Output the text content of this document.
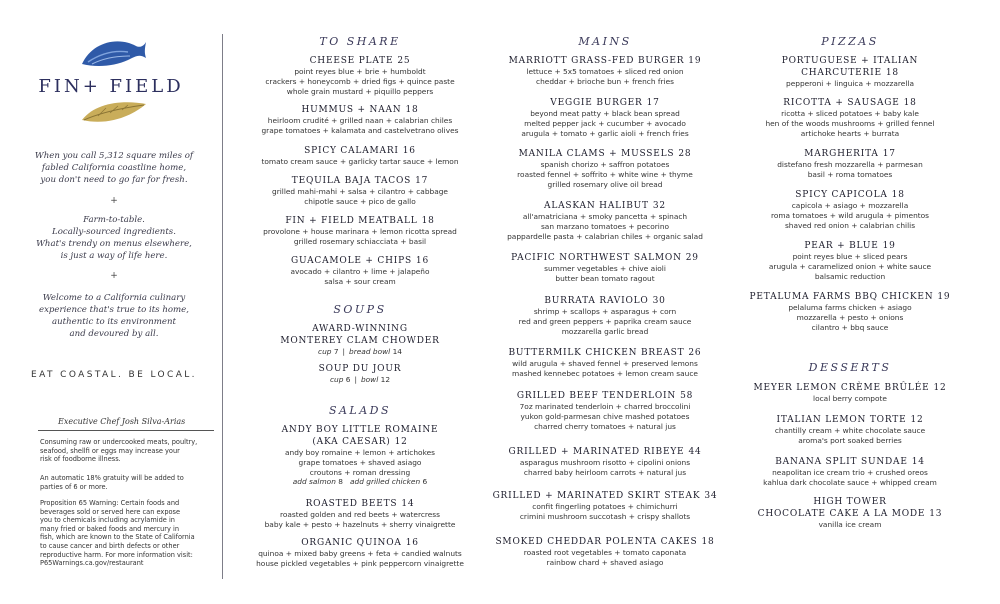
FIN+ FIELD
When you call 5,312 square miles of
fabled California coastline home,
you don't need to go far for fresh.
+
Farm-to-table.
Locally-sourced ingredients.
What's trendy on menus elsewhere,
is just a way of life here.
+
Welcome to a California culinary
experience that's true to its home,
authentic to its environment
and devoured by all.
EAT COASTAL. BE LOCAL.
Executive Chef Josh Silva-Arias
Consuming raw or undercooked meats, poultry,
seafood, shellfi or eggs may increase your
risk of foodborne illness.
An automatic 18% gratuity will be added to
parties of 6 or more.
Proposition 65 Warning: Certain foods and
beverages sold or served here can expose
you to chemicals including acrylamide in
many fried or baked foods and mercury in
fish, which are known to the State of California
to cause cancer and birth defects or other
reproductive harm. For more information visit:
P65Warnings.ca.gov/restaurant
TO SHARE
CHEESE PLATE 25
point reyes blue + brie + humboldt
crackers + honeycomb + dried figs + quince paste
whole grain mustard + piquillo peppers
HUMMUS + NAAN 18
heirloom crudité + grilled naan + calabrian chiles
grape tomatoes + kalamata and castelvetrano olives
SPICY CALAMARI 16
tomato cream sauce + garlicky tartar sauce + lemon
TEQUILA BAJA TACOS 17
grilled mahi-mahi + salsa + cilantro + cabbage
chipotle sauce + pico de gallo
FIN + FIELD MEATBALL 18
provolone + house marinara + lemon ricotta spread
grilled rosemary schiacciata + basil
GUACAMOLE + CHIPS 16
avocado + cilantro + lime + jalapeño
salsa + sour cream
SOUPS
AWARD-WINNING
MONTEREY CLAM CHOWDER
cup 7 | bread bowl 14
SOUP DU JOUR
cup 6 | bowl 12
SALADS
ANDY BOY LITTLE ROMAINE
(AKA CAESAR) 12
andy boy romaine + lemon + artichokes
grape tomatoes + shaved asiago
croutons + roman dressing
add salmon 8 add grilled chicken 6
ROASTED BEETS 14
roasted golden and red beets + watercress
baby kale + pesto + hazelnuts + sherry vinaigrette
ORGANIC QUINOA 16
quinoa + mixed baby greens + feta + candied walnuts
house pickled vegetables + pink peppercorn vinaigrette
MAINS
MARRIOTT GRASS-FED BURGER 19
lettuce + 5x5 tomatoes + sliced red onion
cheddar + brioche bun + french fries
VEGGIE BURGER 17
beyond meat patty + black bean spread
melted pepper jack + cucumber + avocado
arugula + tomato + garlic aioli + french fries
MANILA CLAMS + MUSSELS 28
spanish chorizo + saffron potatoes
roasted fennel + soffrito + white wine + thyme
grilled rosemary olive oil bread
ALASKAN HALIBUT 32
all'amatriciana + smoky pancetta + spinach
san marzano tomatoes + pecorino
pappardelle pasta + calabrian chiles + organic salad
PACIFIC NORTHWEST SALMON 29
summer vegetables + chive aioli
butter bean tomato ragout
BURRATA RAVIOLO 30
shrimp + scallops + asparagus + corn
red and green peppers + paprika cream sauce
mozzarella garlic bread
BUTTERMILK CHICKEN BREAST 26
wild arugula + shaved fennel + preserved lemons
mashed kennebec potatoes + lemon cream sauce
GRILLED BEEF TENDERLOIN 58
7oz marinated tenderloin + charred broccolini
yukon gold-parmesan chive mashed potatoes
charred cherry tomatoes + natural jus
GRILLED + MARINATED RIBEYE 44
asparagus mushroom risotto + cipolini onions
charred baby heirloom carrots + natural jus
GRILLED + MARINATED SKIRT STEAK 34
confit fingerling potatoes + chimichurri
crimini mushroom succotash + crispy shallots
SMOKED CHEDDAR POLENTA CAKES 18
roasted root vegetables + tomato caponata
rainbow chard + shaved asiago
PIZZAS
PORTUGUESE + ITALIAN
CHARCUTERIE 18
pepperoni + linguica + mozzarella
RICOTTA + SAUSAGE 18
ricotta + sliced potatoes + baby kale
hen of the woods mushrooms + grilled fennel
artichoke hearts + burrata
MARGHERITA 17
distefano fresh mozzarella + parmesan
basil + roma tomatoes
SPICY CAPICOLA 18
capicola + asiago + mozzarella
roma tomatoes + wild arugula + pimentos
shaved red onion + calabrian chilis
PEAR + BLUE 19
point reyes blue + sliced pears
arugula + caramelized onion + white sauce
balsamic reduction
PETALUMA FARMS BBQ CHICKEN 19
pelaluma farms chicken + asiago
mozzarella + pesto + onions
cilantro + bbq sauce
DESSERTS
MEYER LEMON CRÈME BRÛLÉE 12
local berry compote
ITALIAN LEMON TORTE 12
chantilly cream + white chocolate sauce
aroma's port soaked berries
BANANA SPLIT SUNDAE 14
neapolitan ice cream trio + crushed oreos
kahlua dark chocolate sauce + whipped cream
HIGH TOWER
CHOCOLATE CAKE A LA MODE 13
vanilla ice cream
